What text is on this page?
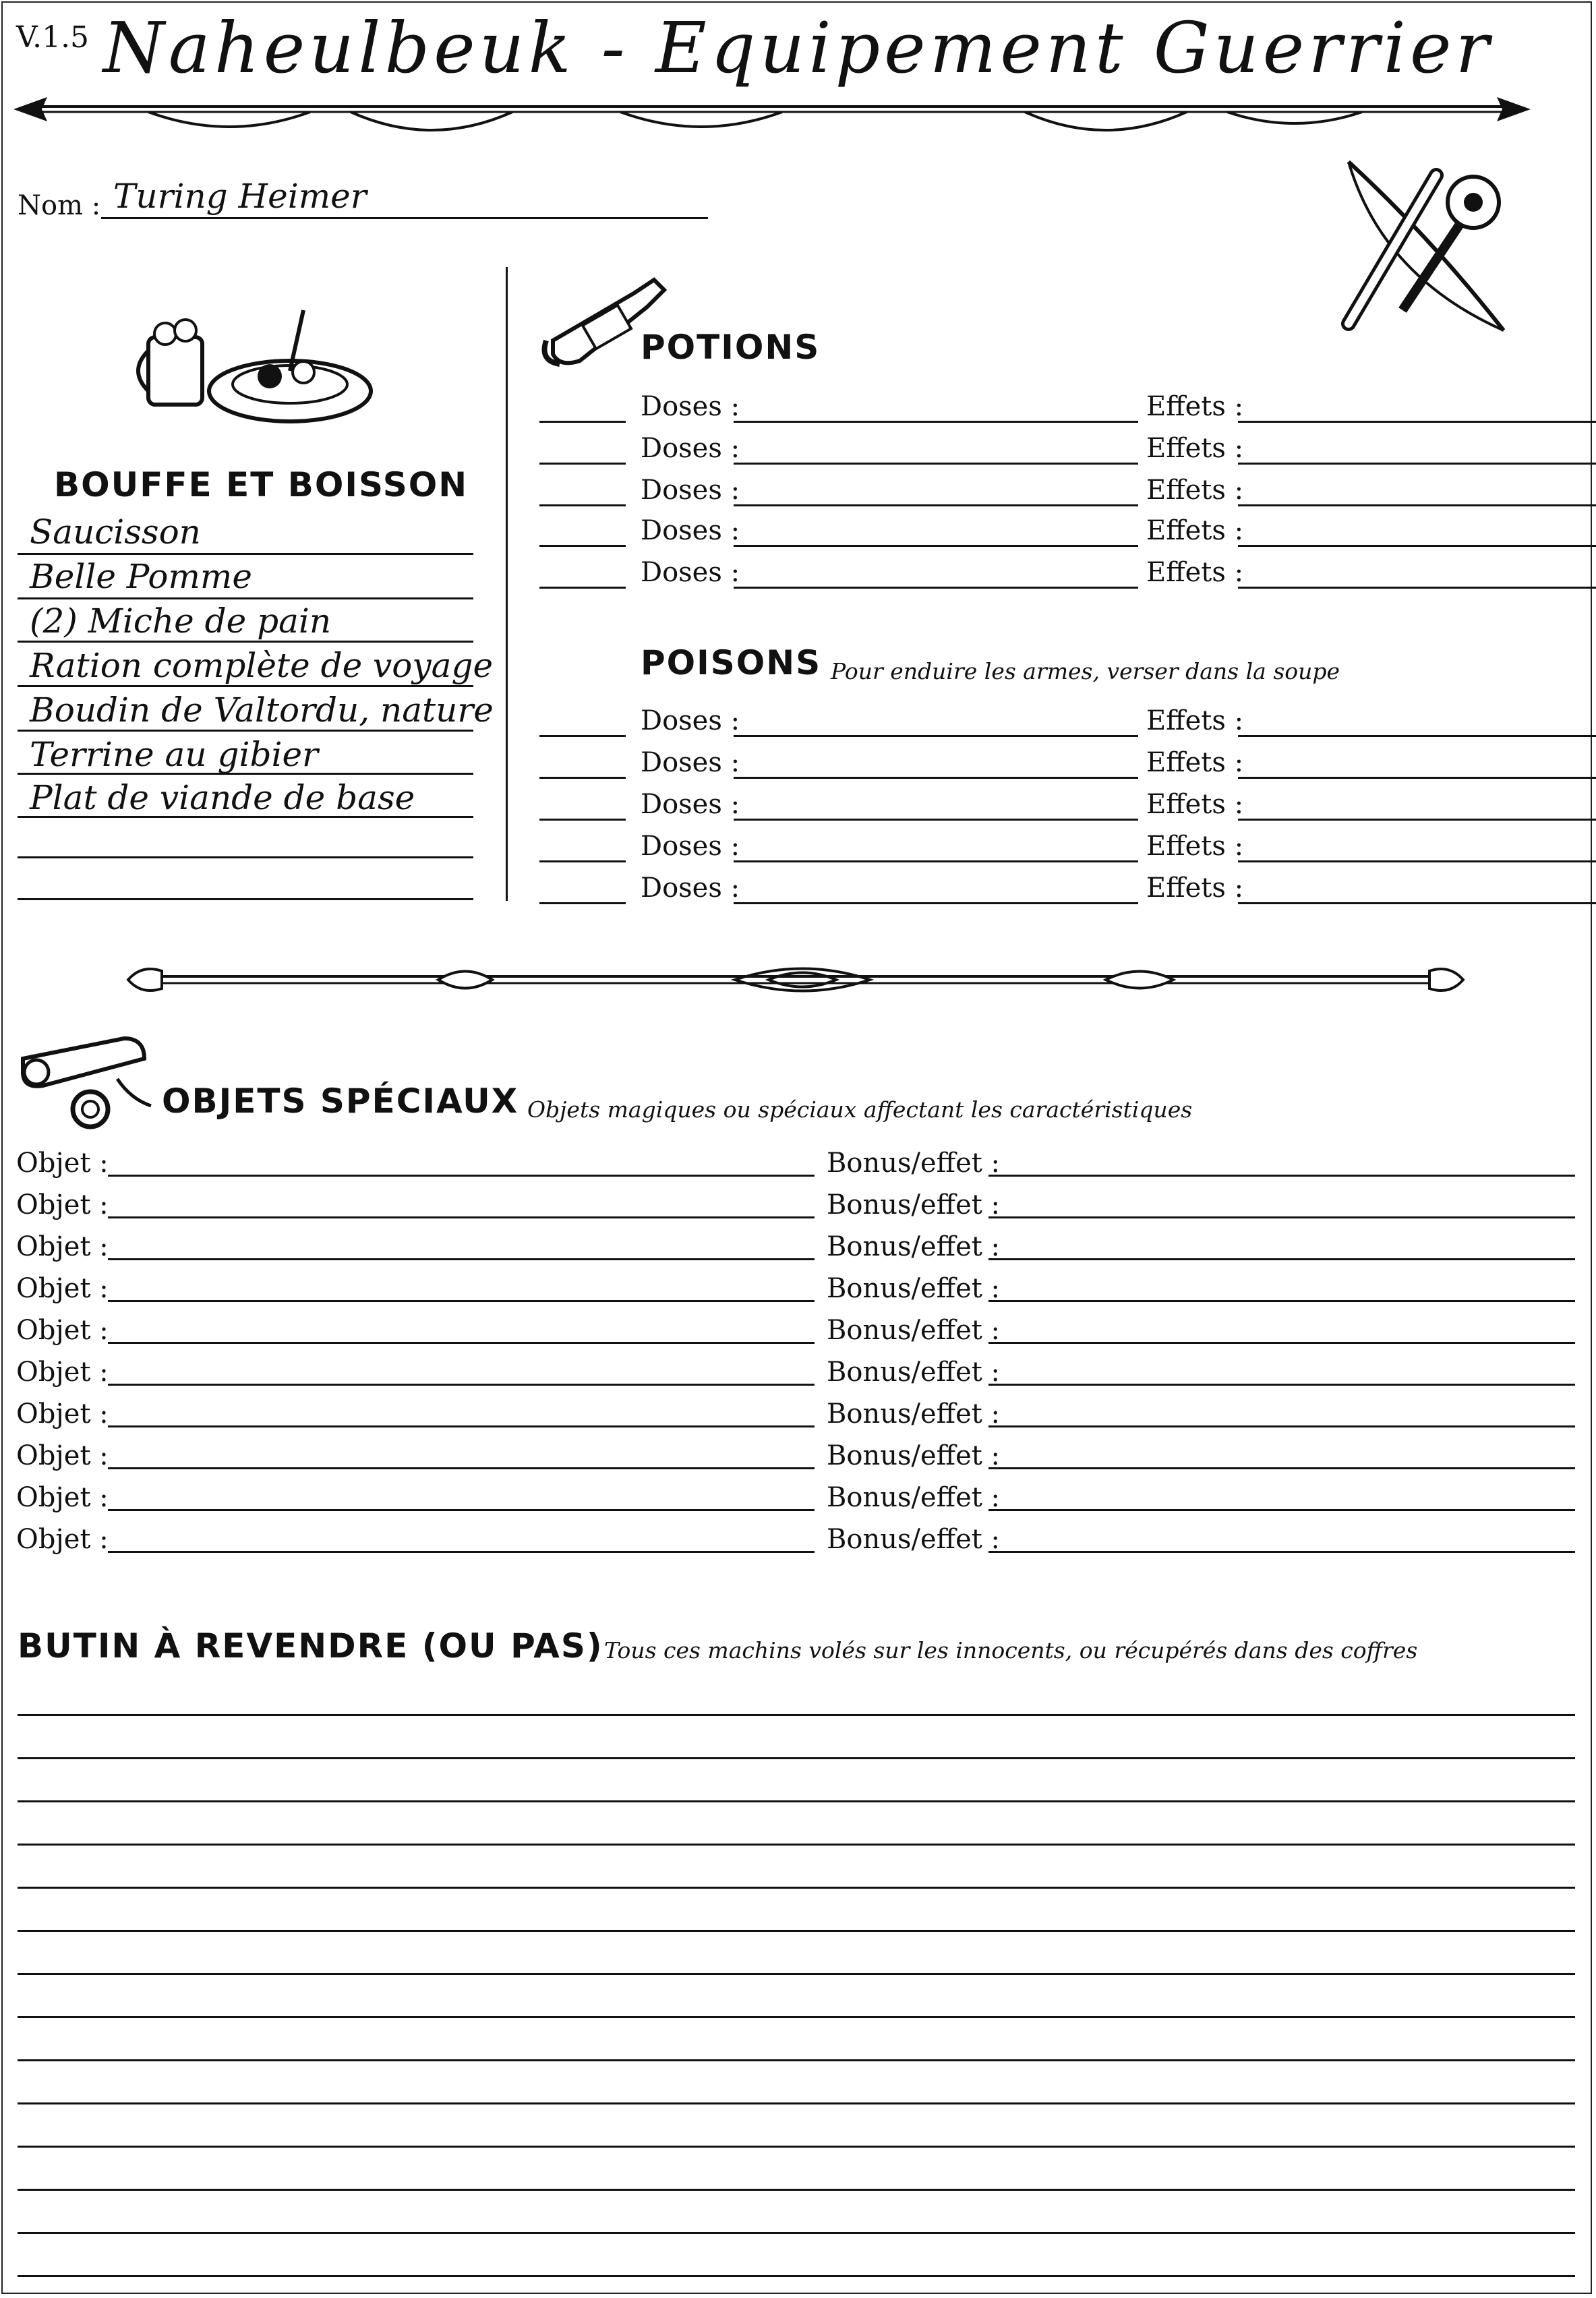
V.1.5 Naheulbeuk - Equipement Guerrier
Nom : Turing Heimer
BOUFFE ET BOISSON
Saucisson
Belle Pomme
(2) Miche de pain
Ration complète de voyage
Boudin de Valtordu, nature
Terrine au gibier
Plat de viande de base
POTIONS
Doses :	Effets :
Doses :	Effets :
Doses :	Effets :
Doses :	Effets :
Doses :	Effets :
POISONS Pour enduire les armes, verser dans la soupe
Doses :	Effets :
Doses :	Effets :
Doses :	Effets :
Doses :	Effets :
Doses :	Effets :
OBJETS SPÉCIAUX Objets magiques ou spéciaux affectant les caractéristiques
Objet :	Bonus/effet :
Objet :	Bonus/effet :
Objet :	Bonus/effet :
Objet :	Bonus/effet :
Objet :	Bonus/effet :
Objet :	Bonus/effet :
Objet :	Bonus/effet :
Objet :	Bonus/effet :
Objet :	Bonus/effet :
Objet :	Bonus/effet :
BUTIN À REVENDRE (OU PAS) Tous ces machins volés sur les innocents, ou récupérés dans des coffres
